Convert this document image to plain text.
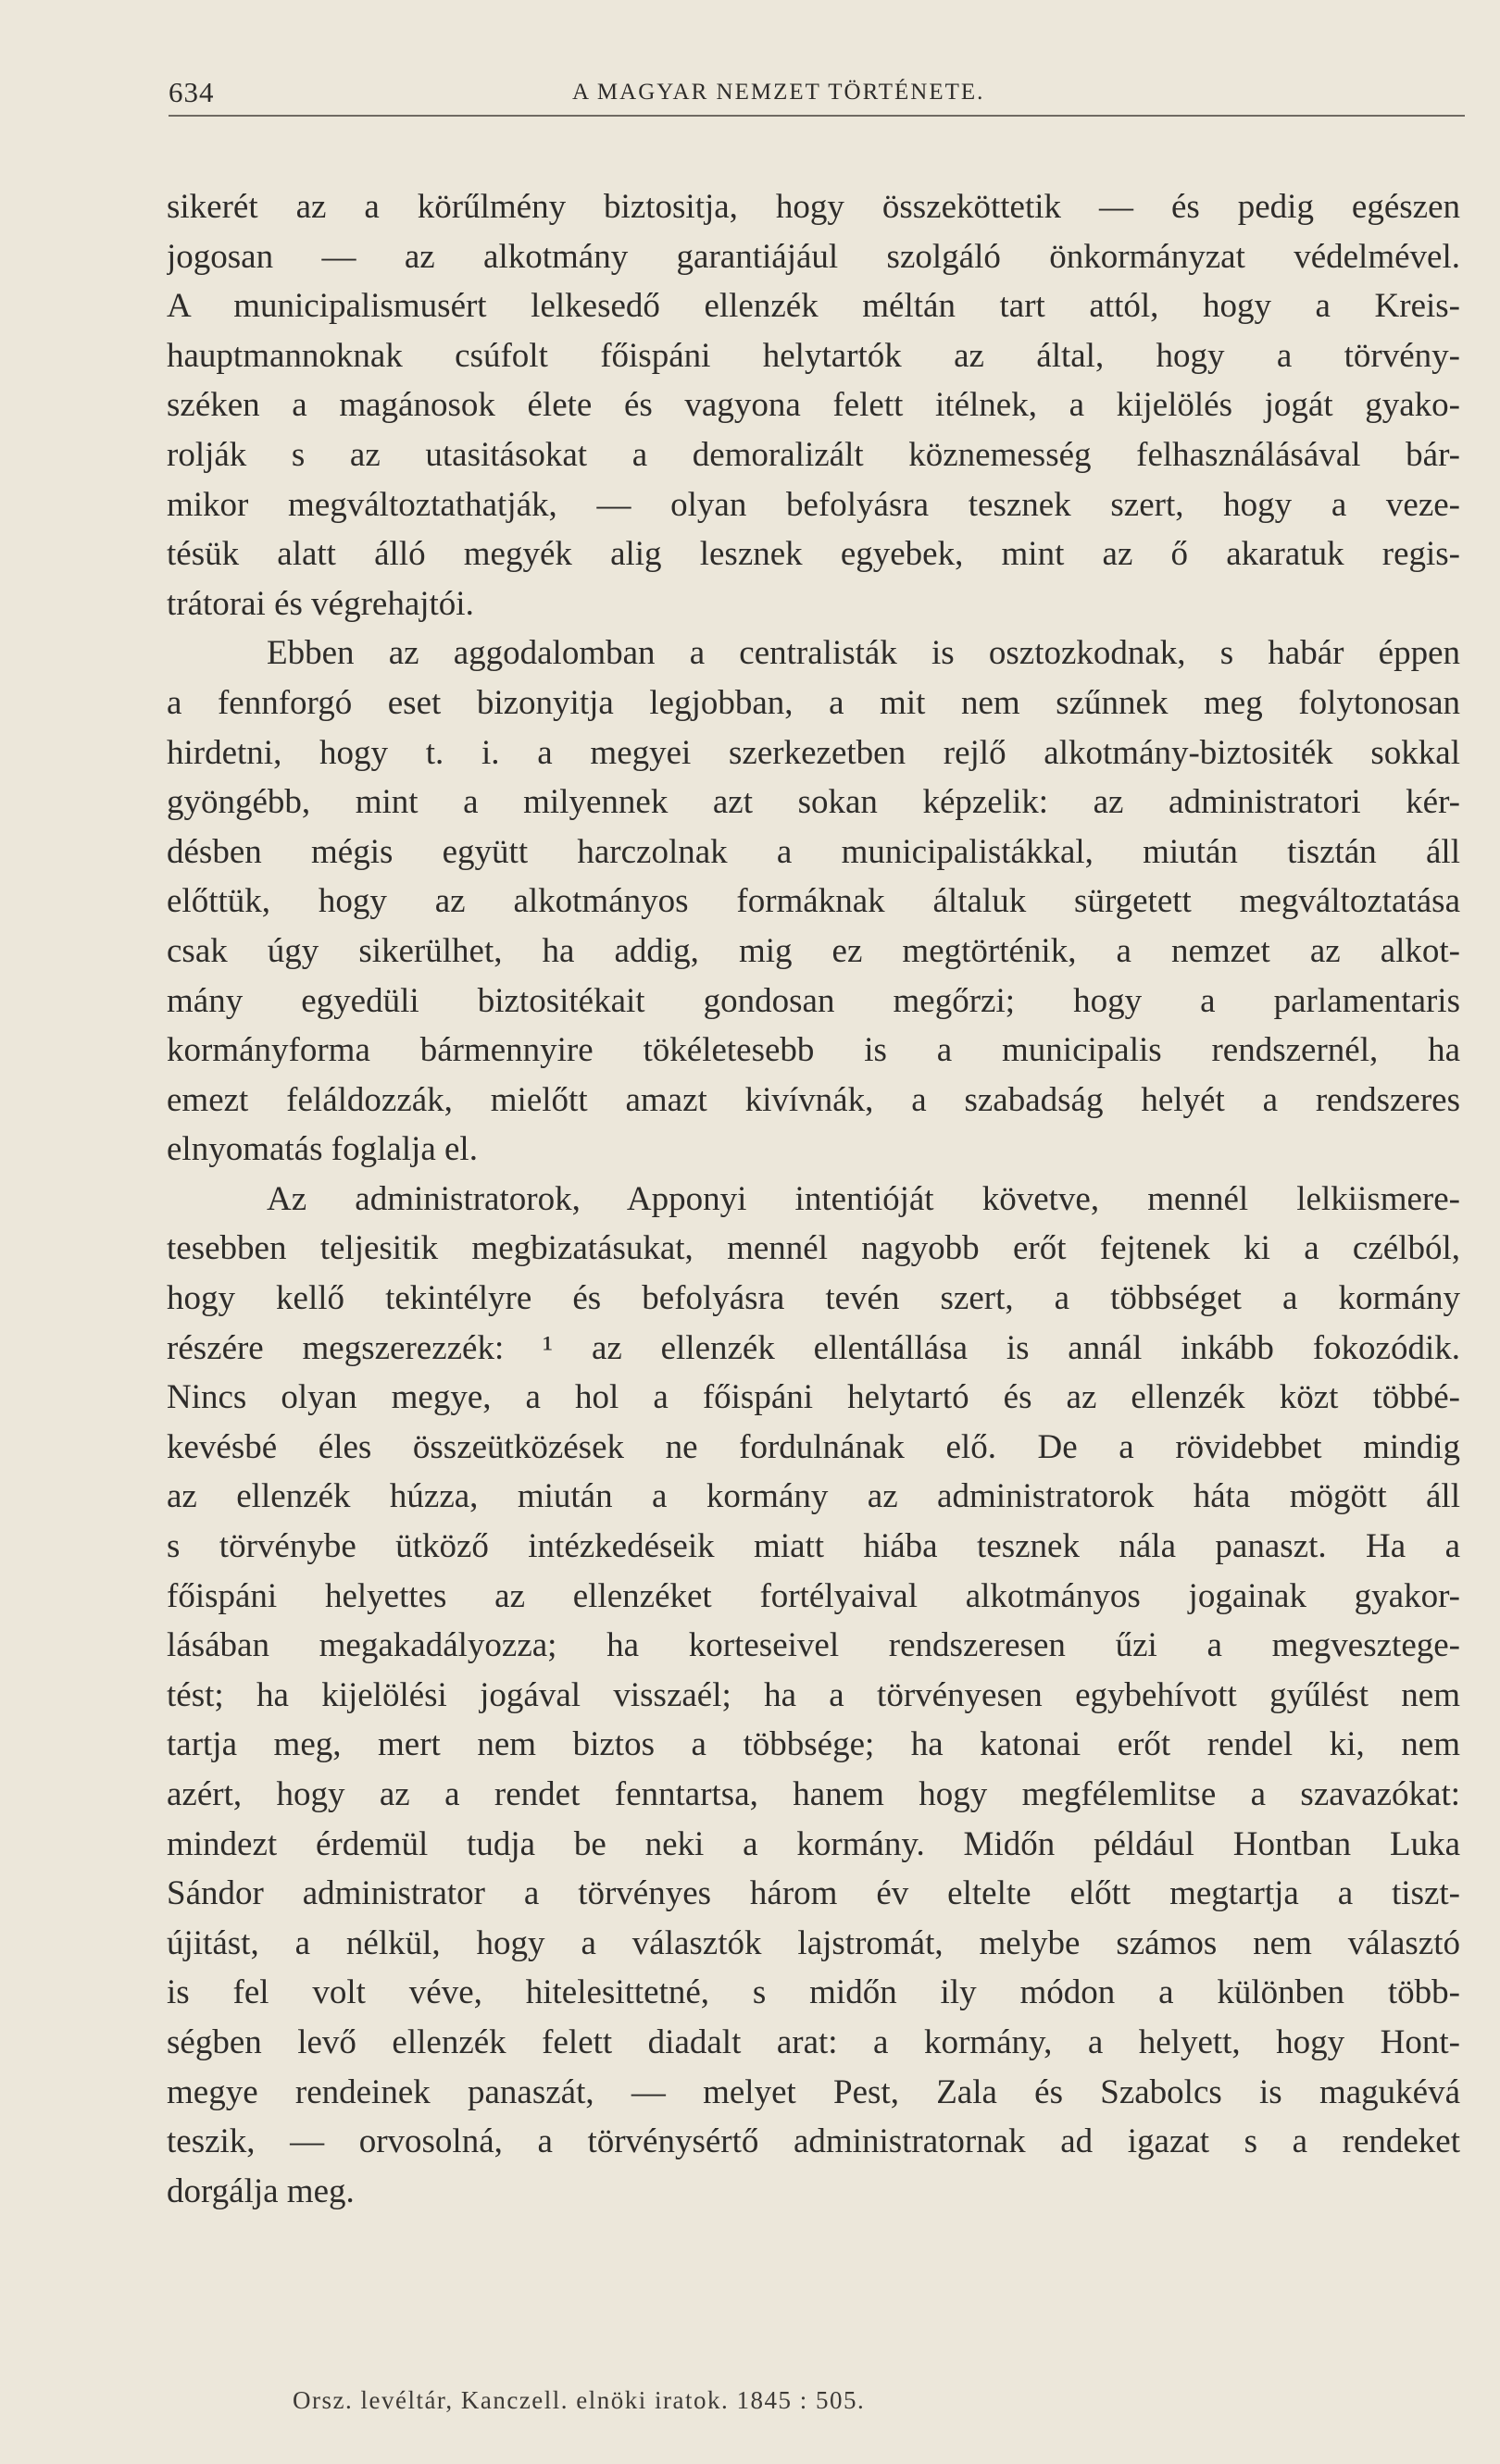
634	A MAGYAR NEMZET TÖRTÉNETE.
sikerét az a körűlmény biztositja, hogy összeköttetik — és pedig egészen
jogosan — az alkotmány garantiájául szolgáló önkormányzat védelmével.
A municipalismusért lelkesedő ellenzék méltán tart attól, hogy a Kreis-
hauptmannoknak csúfolt főispáni helytartók az által, hogy a törvény-
széken a magánosok élete és vagyona felett itélnek, a kijelölés jogát gyako-
rolják s az utasitásokat a demoralizált köznemesség felhasználásával bár-
mikor megváltoztathatják, — olyan befolyásra tesznek szert, hogy a veze-
tésük alatt álló megyék alig lesznek egyebek, mint az ő akaratuk regis-
trátorai és végrehajtói.
Ebben az aggodalomban a centralisták is osztozkodnak, s habár éppen
a fennforgó eset bizonyitja legjobban, a mit nem szűnnek meg folytonosan
hirdetni, hogy t. i. a megyei szerkezetben rejlő alkotmány-biztositék sokkal
gyöngébb, mint a milyennek azt sokan képzelik: az administratori kér-
désben mégis együtt harczolnak a municipalistákkal, miután tisztán áll
előttük, hogy az alkotmányos formáknak általuk sürgetett megváltoztatása
csak úgy sikerülhet, ha addig, mig ez megtörténik, a nemzet az alkot-
mány egyedüli biztositékait gondosan megőrzi; hogy a parlamentaris
kormányforma bármennyire tökéletesebb is a municipalis rendszernél, ha
emezt feláldozzák, mielőtt amazt kivívnák, a szabadság helyét a rendszeres
elnyomatás foglalja el.
Az administratorok, Apponyi intentióját követve, mennél lelkiismere-
tesebben teljesitik megbizatásukat, mennél nagyobb erőt fejtenek ki a czélból,
hogy kellő tekintélyre és befolyásra tevén szert, a többséget a kormány
részére megszerezzék: ¹ az ellenzék ellentállása is annál inkább fokozódik.
Nincs olyan megye, a hol a főispáni helytartó és az ellenzék közt többé-
kevésbé éles összeütközések ne fordulnának elő. De a rövidebbet mindig
az ellenzék húzza, miután a kormány az administratorok háta mögött áll
s törvénybe ütköző intézkedéseik miatt hiába tesznek nála panaszt. Ha a
főispáni helyettes az ellenzéket fortélyaival alkotmányos jogainak gyakor-
lásában megakadályozza; ha korteseivel rendszeresen űzi a megvesztege-
tést; ha kijelölési jogával visszaél; ha a törvényesen egybehívott gyűlést nem
tartja meg, mert nem biztos a többsége; ha katonai erőt rendel ki, nem
azért, hogy az a rendet fenntartsa, hanem hogy megfélemlitse a szavazókat:
mindezt érdemül tudja be neki a kormány. Midőn például Hontban Luka
Sándor administrator a törvényes három év eltelte előtt megtartja a tiszt-
újitást, a nélkül, hogy a választók lajstromát, melybe számos nem választó
is fel volt véve, hitelesittetné, s midőn ily módon a különben több-
ségben levő ellenzék felett diadalt arat: a kormány, a helyett, hogy Hont-
megye rendeinek panaszát, — melyet Pest, Zala és Szabolcs is magukévá
teszik, — orvosolná, a törvénysértő administratornak ad igazat s a rendeket
dorgálja meg.
Orsz. levéltár, Kanczell. elnöki iratok. 1845 : 505.
